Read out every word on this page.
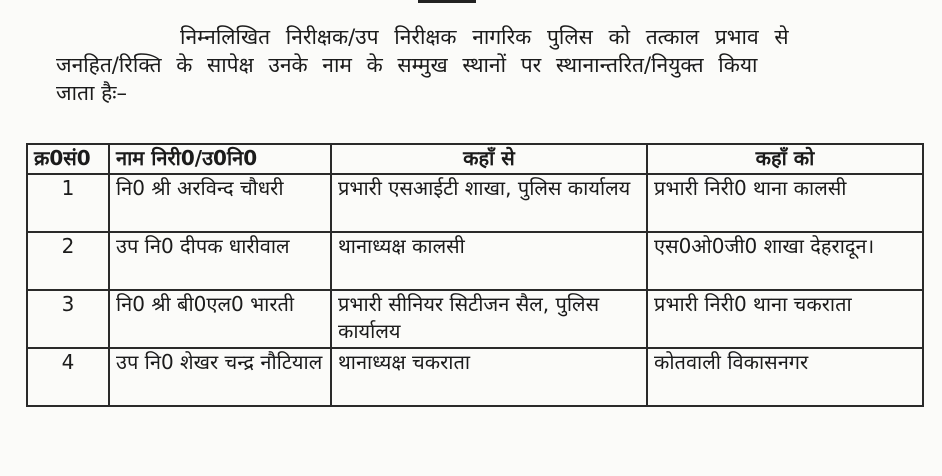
निम्नलिखित निरीक्षक/उप निरीक्षक नागरिक पुलिस को तत्काल प्रभाव से
जनहित/रिक्ति के सापेक्ष उनके नाम के सम्मुख स्थानों पर स्थानान्तरित/नियुक्त किया
जाता हैः–
क्र0सं0	नाम निरी0/उ0नि0	कहॉं से	कहॉं को
1	नि0 श्री अरविन्द चौधरी	प्रभारी एसआईटी शाखा, पुलिस कार्यालय	प्रभारी निरी0 थाना कालसी

2	उप नि0 दीपक धारीवाल	थानाध्यक्ष कालसी	एस0ओ0जी0 शाखा देहरादून।

3	नि0 श्री बी0एल0 भारती	प्रभारी सीनियर सिटीजन सैल, पुलिस कार्यालय	प्रभारी निरी0 थाना चकराता

4	उप नि0 शेखर चन्द्र नौटियाल	थानाध्यक्ष चकराता	कोतवाली विकासनगर
